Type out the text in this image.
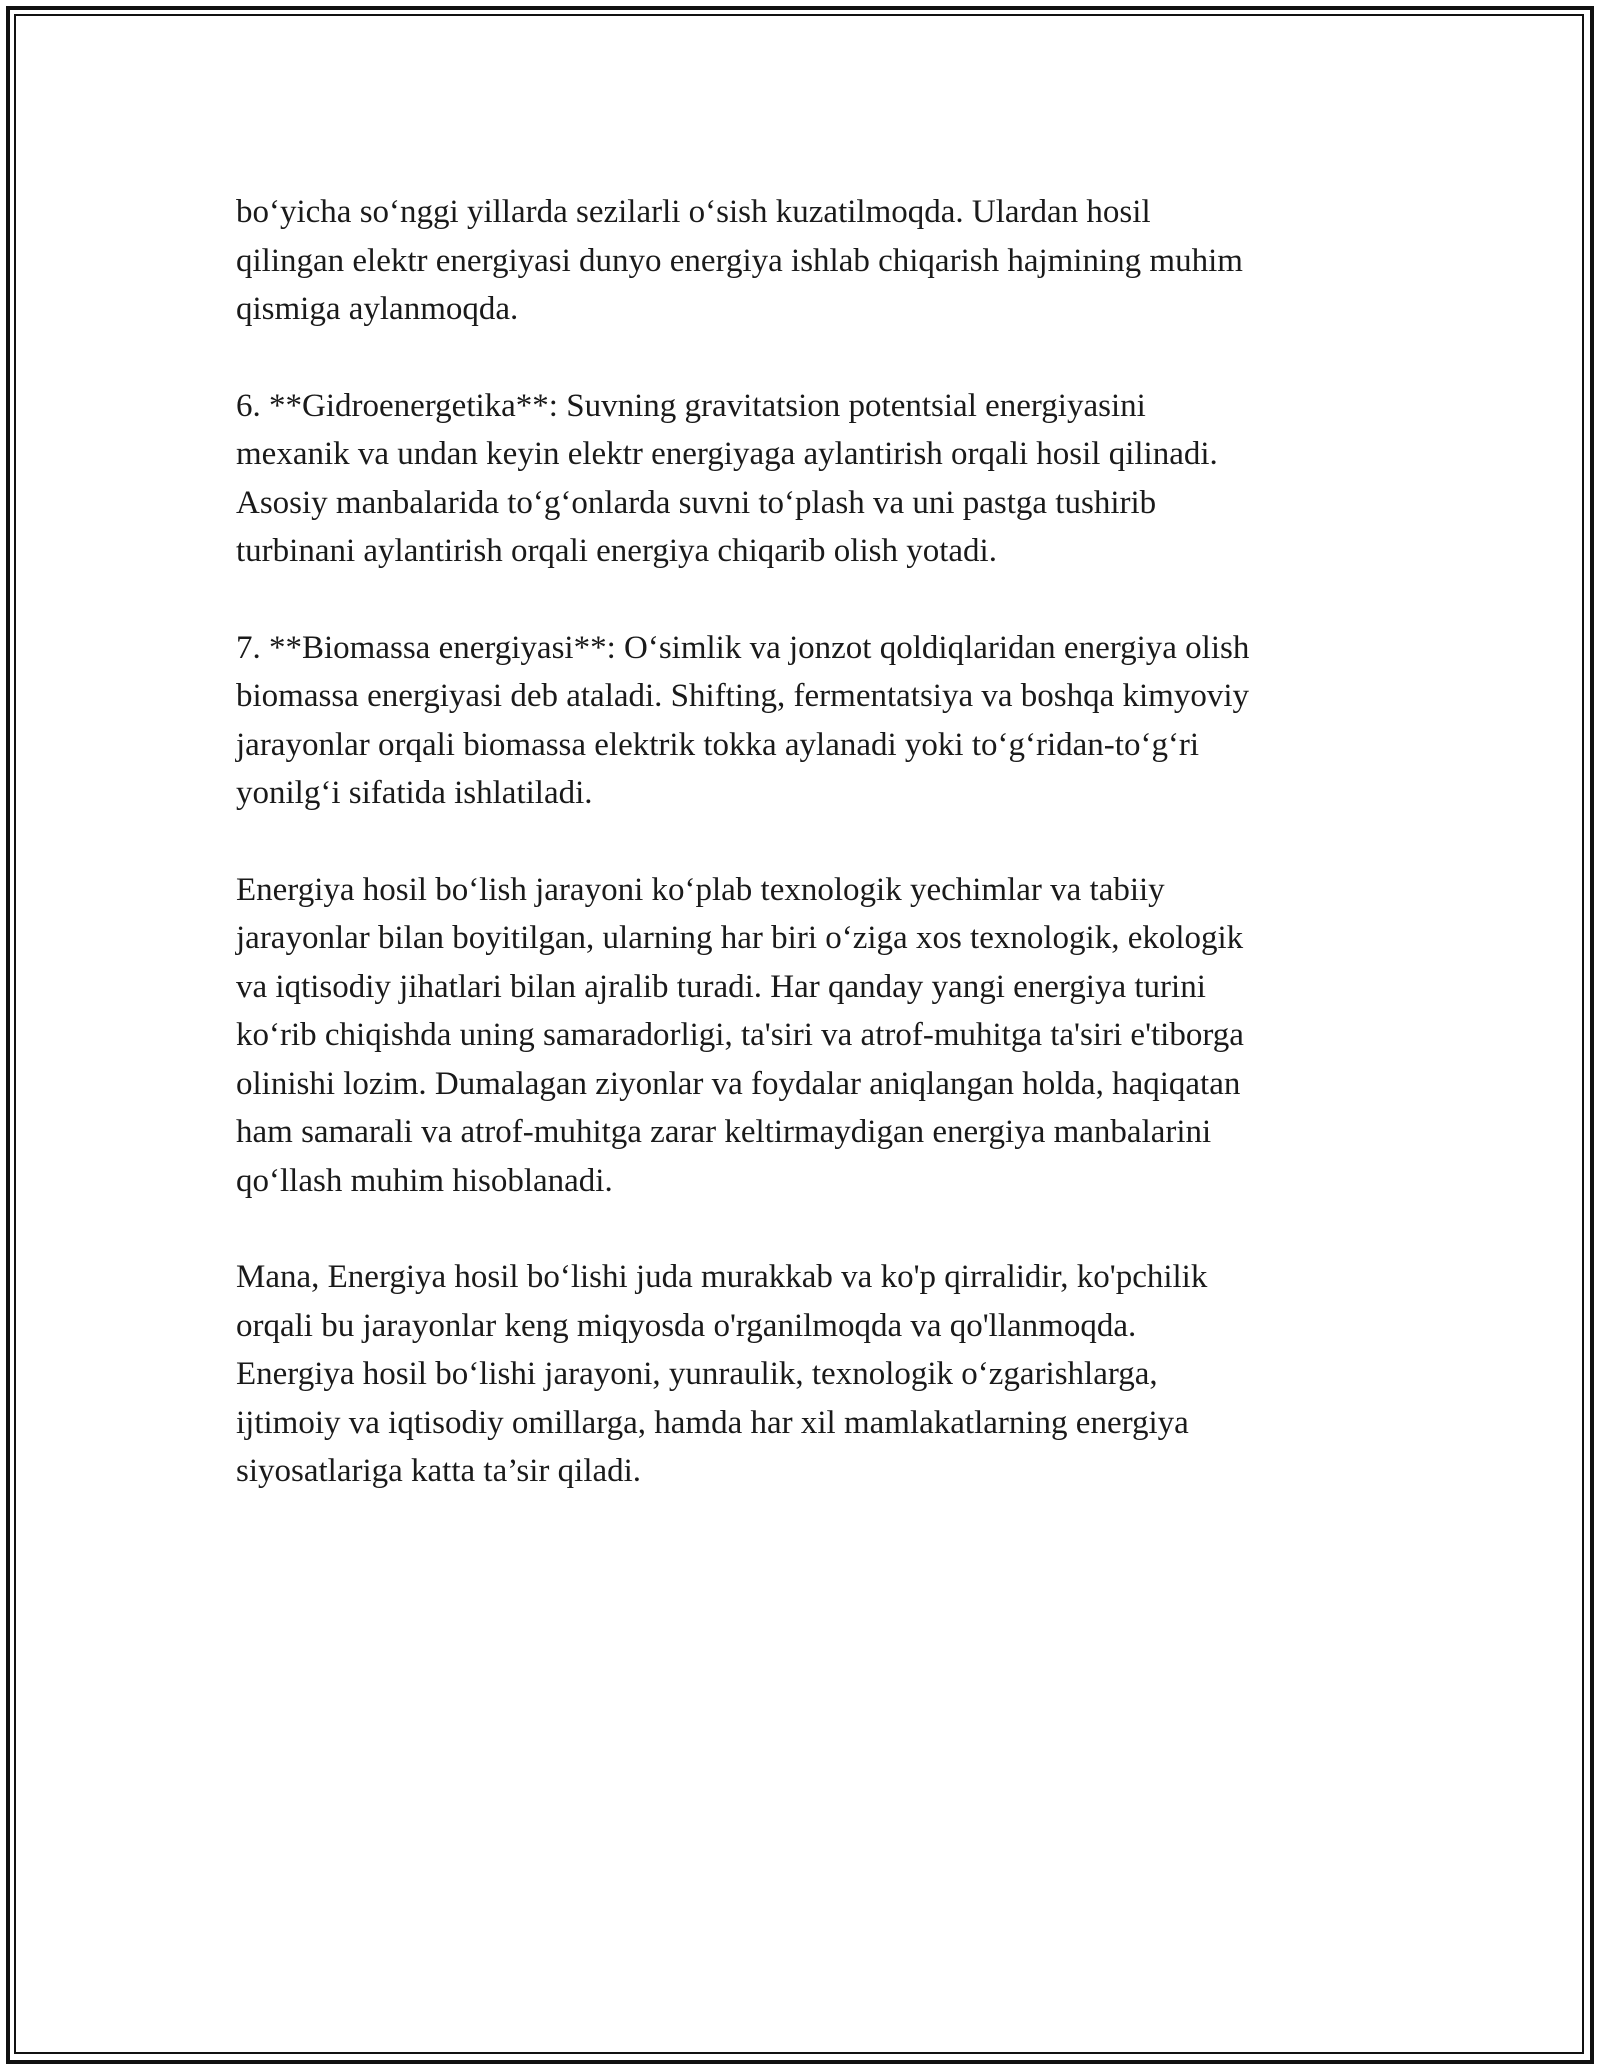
bo‘yicha so‘nggi yillarda sezilarli o‘sish kuzatilmoqda. Ulardan hosil
qilingan elektr energiyasi dunyo energiya ishlab chiqarish hajmining muhim
qismiga aylanmoqda.

6. **Gidroenergetika**: Suvning gravitatsion potentsial energiyasini
mexanik va undan keyin elektr energiyaga aylantirish orqali hosil qilinadi.
Asosiy manbalarida to‘g‘onlarda suvni to‘plash va uni pastga tushirib
turbinani aylantirish orqali energiya chiqarib olish yotadi.

7. **Biomassa energiyasi**: O‘simlik va jonzot qoldiqlaridan energiya olish
biomassa energiyasi deb ataladi. Shifting, fermentatsiya va boshqa kimyoviy
jarayonlar orqali biomassa elektrik tokka aylanadi yoki to‘g‘ridan-to‘g‘ri
yonilg‘i sifatida ishlatiladi.

Energiya hosil bo‘lish jarayoni ko‘plab texnologik yechimlar va tabiiy
jarayonlar bilan boyitilgan, ularning har biri o‘ziga xos texnologik, ekologik
va iqtisodiy jihatlari bilan ajralib turadi. Har qanday yangi energiya turini
ko‘rib chiqishda uning samaradorligi, ta'siri va atrof-muhitga ta'siri e'tiborga
olinishi lozim. Dumalagan ziyonlar va foydalar aniqlangan holda, haqiqatan
ham samarali va atrof-muhitga zarar keltirmaydigan energiya manbalarini
qo‘llash muhim hisoblanadi.

Mana, Energiya hosil bo‘lishi juda murakkab va ko'p qirralidir, ko'pchilik
orqali bu jarayonlar keng miqyosda o'rganilmoqda va qo'llanmoqda.
Energiya hosil bo‘lishi jarayoni, yunraulik, texnologik o‘zgarishlarga,
ijtimoiy va iqtisodiy omillarga, hamda har xil mamlakatlarning energiya
siyosatlariga katta ta’sir qiladi.
